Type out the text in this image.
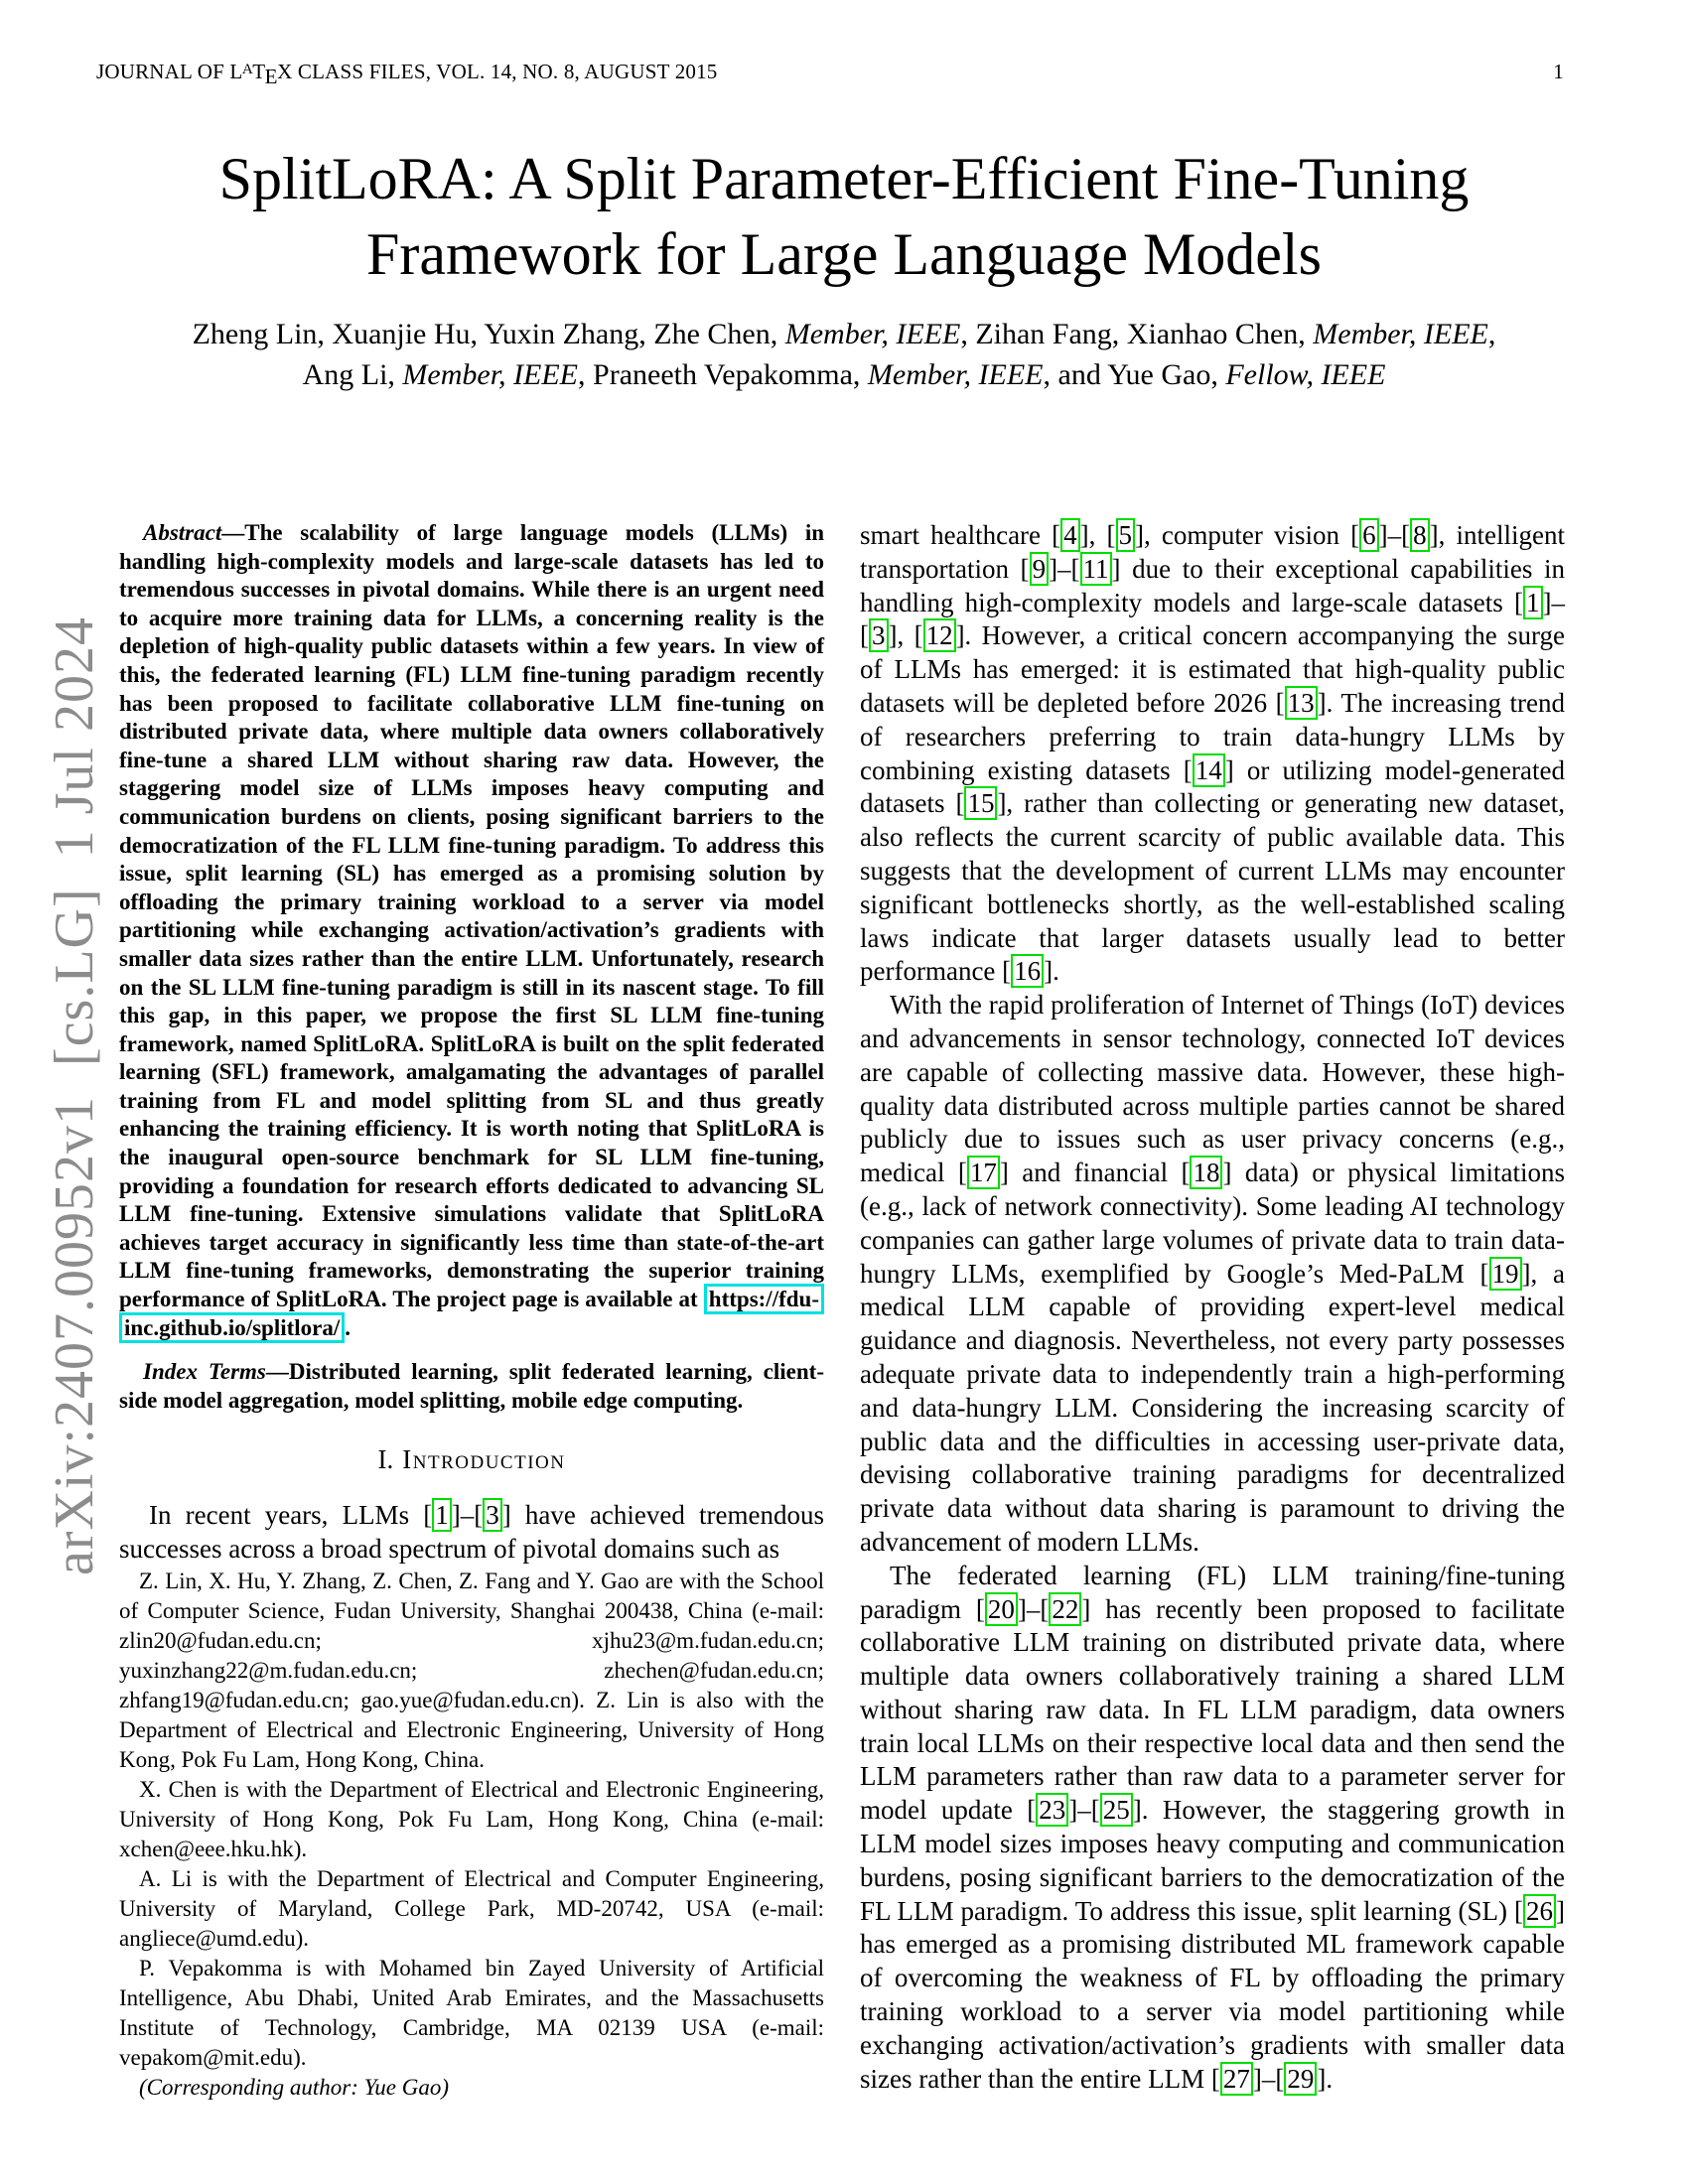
JOURNAL OF $L^ATEX$ CLASS FILES, VOL. 14, NO. 8, AUGUST 2015	1
arXiv:2407.00952v1  [cs.LG]  1 Jul 2024
SplitLoRA: A Split Parameter-Efficient Fine-Tuning
Framework for Large Language Models
Zheng Lin, Xuanjie Hu, Yuxin Zhang, Zhe Chen, Member, IEEE, Zihan Fang, Xianhao Chen, Member, IEEE,
Ang Li, Member, IEEE, Praneeth Vepakomma, Member, IEEE, and Yue Gao, Fellow, IEEE

Abstract—The scalability of large language models (LLMs) in handling high-complexity models and large-scale datasets has led to tremendous successes in pivotal domains. While there is an urgent need to acquire more training data for LLMs, a concerning reality is the depletion of high-quality public datasets within a few years. In view of this, the federated learning (FL) LLM fine-tuning paradigm recently has been proposed to facilitate collaborative LLM fine-tuning on distributed private data, where multiple data owners collaboratively fine-tune a shared LLM without sharing raw data. However, the staggering model size of LLMs imposes heavy computing and communication burdens on clients, posing significant barriers to the democratization of the FL LLM fine-tuning paradigm. To address this issue, split learning (SL) has emerged as a promising solution by offloading the primary training workload to a server via model partitioning while exchanging activation/activation’s gradients with smaller data sizes rather than the entire LLM. Unfortunately, research on the SL LLM fine-tuning paradigm is still in its nascent stage. To fill this gap, in this paper, we propose the first SL LLM fine-tuning framework, named SplitLoRA. SplitLoRA is built on the split federated learning (SFL) framework, amalgamating the advantages of parallel training from FL and model splitting from SL and thus greatly enhancing the training efficiency. It is worth noting that SplitLoRA is the inaugural open-source benchmark for SL LLM fine-tuning, providing a foundation for research efforts dedicated to advancing SL LLM fine-tuning. Extensive simulations validate that SplitLoRA achieves target accuracy in significantly less time than state-of-the-art LLM fine-tuning frameworks, demonstrating the superior training performance of SplitLoRA. The project page is available at https://fdu-inc.github.io/splitlora/ .

Index Terms—Distributed learning, split federated learning, client-side model aggregation, model splitting, mobile edge computing.

I. Introduction

In recent years, LLMs [ 1 ]–[ 3 ] have achieved tremendous successes across a broad spectrum of pivotal domains such as

Z. Lin, X. Hu, Y. Zhang, Z. Chen, Z. Fang and Y. Gao are with the School of Computer Science, Fudan University, Shanghai 200438, China (e-mail: zlin20@fudan.edu.cn; xjhu23@m.fudan.edu.cn; yuxinzhang22@m.fudan.edu.cn; zhechen@fudan.edu.cn; zhfang19@fudan.edu.cn; gao.yue@fudan.edu.cn). Z. Lin is also with the Department of Electrical and Electronic Engineering, University of Hong Kong, Pok Fu Lam, Hong Kong, China.

X. Chen is with the Department of Electrical and Electronic Engineering, University of Hong Kong, Pok Fu Lam, Hong Kong, China (e-mail: xchen@eee.hku.hk).

A. Li is with the Department of Electrical and Computer Engineering, University of Maryland, College Park, MD-20742, USA (e-mail: angliece@umd.edu).

P. Vepakomma is with Mohamed bin Zayed University of Artificial Intelligence, Abu Dhabi, United Arab Emirates, and the Massachusetts Institute of Technology, Cambridge, MA 02139 USA (e-mail: vepakom@mit.edu).

(Corresponding author: Yue Gao)

smart healthcare [ 4 ], [ 5 ], computer vision [ 6 ]–[ 8 ], intelligent transportation [ 9 ]–[ 11 ] due to their exceptional capabilities in handling high-complexity models and large-scale datasets [ 1 ]–[ 3 ], [ 12 ]. However, a critical concern accompanying the surge of LLMs has emerged: it is estimated that high-quality public datasets will be depleted before 2026 [ 13 ]. The increasing trend of researchers preferring to train data-hungry LLMs by combining existing datasets [ 14 ] or utilizing model-generated datasets [ 15 ], rather than collecting or generating new dataset, also reflects the current scarcity of public available data. This suggests that the development of current LLMs may encounter significant bottlenecks shortly, as the well-established scaling laws indicate that larger datasets usually lead to better performance [ 16 ].

With the rapid proliferation of Internet of Things (IoT) devices and advancements in sensor technology, connected IoT devices are capable of collecting massive data. However, these high-quality data distributed across multiple parties cannot be shared publicly due to issues such as user privacy concerns (e.g., medical [ 17 ] and financial [ 18 ] data) or physical limitations (e.g., lack of network connectivity). Some leading AI technology companies can gather large volumes of private data to train data-hungry LLMs, exemplified by Google’s Med-PaLM [ 19 ], a medical LLM capable of providing expert-level medical guidance and diagnosis. Nevertheless, not every party possesses adequate private data to independently train a high-performing and data-hungry LLM. Considering the increasing scarcity of public data and the difficulties in accessing user-private data, devising collaborative training paradigms for decentralized private data without data sharing is paramount to driving the advancement of modern LLMs.

The federated learning (FL) LLM training/fine-tuning paradigm [ 20 ]–[ 22 ] has recently been proposed to facilitate collaborative LLM training on distributed private data, where multiple data owners collaboratively training a shared LLM without sharing raw data. In FL LLM paradigm, data owners train local LLMs on their respective local data and then send the LLM parameters rather than raw data to a parameter server for model update [ 23 ]–[ 25 ]. However, the staggering growth in LLM model sizes imposes heavy computing and communication burdens, posing significant barriers to the democratization of the FL LLM paradigm. To address this issue, split learning (SL) [ 26 ] has emerged as a promising distributed ML framework capable of overcoming the weakness of FL by offloading the primary training workload to a server via model partitioning while exchanging activation/activation’s gradients with smaller data sizes rather than the entire LLM [ 27 ]–[ 29 ].
